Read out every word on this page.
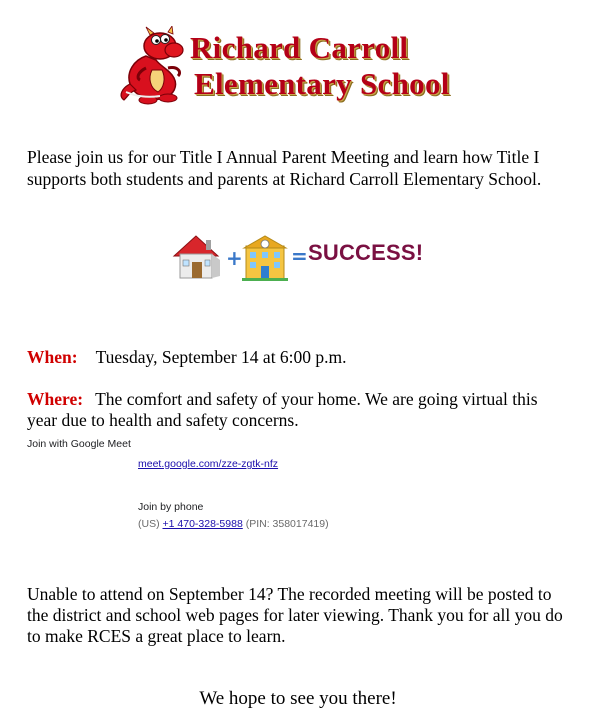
Richard Carroll
Elementary School
Please join us for our Title I Annual Parent Meeting and learn how Title I supports both students and parents at Richard Carroll Elementary School.
+ = SUCCESS!
When: Tuesday, September 14 at 6:00 p.m.
Where: The comfort and safety of your home. We are going virtual this year due to health and safety concerns.
Join with Google Meet
meet.google.com/zze-zgtk-nfz
Join by phone
(US) +1 470-328-5988 (PIN: 358017419)
Unable to attend on September 14? The recorded meeting will be posted to the district and school web pages for later viewing. Thank you for all you do to make RCES a great place to learn.
We hope to see you there!
